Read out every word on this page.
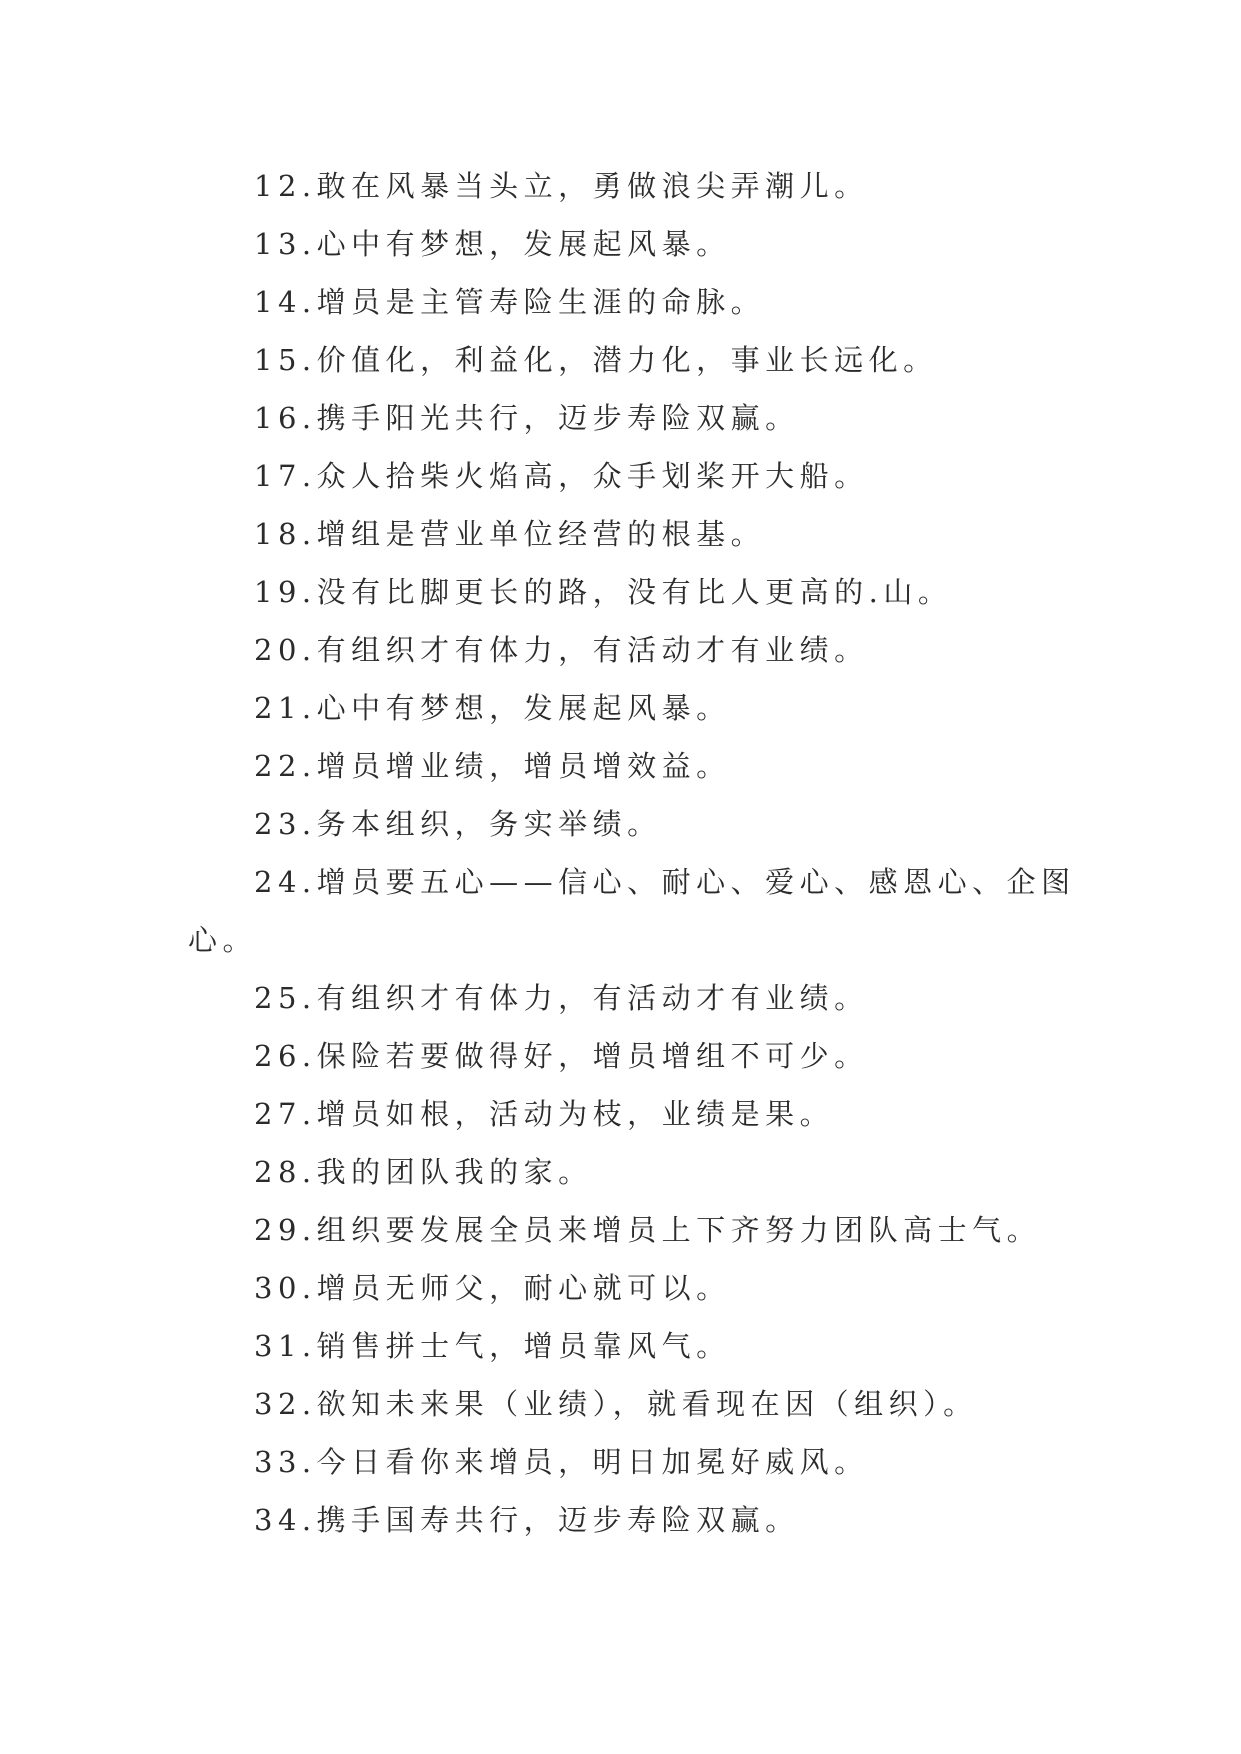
12.敢在风暴当头立，勇做浪尖弄潮儿。
13.心中有梦想，发展起风暴。
14.增员是主管寿险生涯的命脉。
15.价值化，利益化，潜力化，事业长远化。
16.携手阳光共行，迈步寿险双赢。
17.众人拾柴火焰高，众手划桨开大船。
18.增组是营业单位经营的根基。
19.没有比脚更长的路，没有比人更高的.山。
20.有组织才有体力，有活动才有业绩。
21.心中有梦想，发展起风暴。
22.增员增业绩，增员增效益。
23.务本组织，务实举绩。
24.增员要五心——信心、耐心、爱心、感恩心、企图
心。
25.有组织才有体力，有活动才有业绩。
26.保险若要做得好，增员增组不可少。
27.增员如根，活动为枝，业绩是果。
28.我的团队我的家。
29.组织要发展全员来增员上下齐努力团队高士气。
30.增员无师父，耐心就可以。
31.销售拼士气，增员靠风气。
32.欲知未来果（业绩），就看现在因（组织）。
33.今日看你来增员，明日加冕好威风。
34.携手国寿共行，迈步寿险双赢。
